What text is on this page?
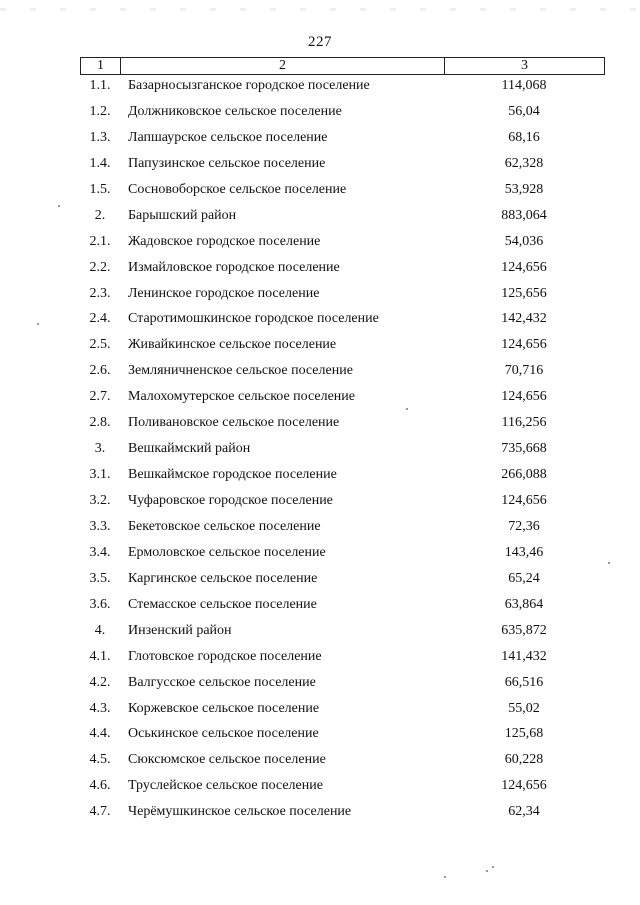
227
1	2	3
1.1.	Базарносызганское городское поселение	114,068
1.2.	Должниковское сельское поселение	56,04
1.3.	Лапшаурское сельское поселение	68,16
1.4.	Папузинское сельское поселение	62,328
1.5.	Сосновоборское сельское поселение	53,928
2.	Барышский район	883,064
2.1.	Жадовское городское поселение	54,036
2.2.	Измайловское городское поселение	124,656
2.3.	Ленинское городское поселение	125,656
2.4.	Старотимошкинское городское поселение	142,432
2.5.	Живайкинское сельское поселение	124,656
2.6.	Земляничненское сельское поселение	70,716
2.7.	Малохомутерское сельское поселение	124,656
2.8.	Поливановское сельское поселение	116,256
3.	Вешкаймский район	735,668
3.1.	Вешкаймское городское поселение	266,088
3.2.	Чуфаровское городское поселение	124,656
3.3.	Бекетовское сельское поселение	72,36
3.4.	Ермоловское сельское поселение	143,46
3.5.	Каргинское сельское поселение	65,24
3.6.	Стемасское сельское поселение	63,864
4.	Инзенский район	635,872
4.1.	Глотовское городское поселение	141,432
4.2.	Валгусское сельское поселение	66,516
4.3.	Коржевское сельское поселение	55,02
4.4.	Оськинское сельское поселение	125,68
4.5.	Сюксюмское сельское поселение	60,228
4.6.	Труслейское сельское поселение	124,656
4.7.	Черёмушкинское сельское поселение	62,34
